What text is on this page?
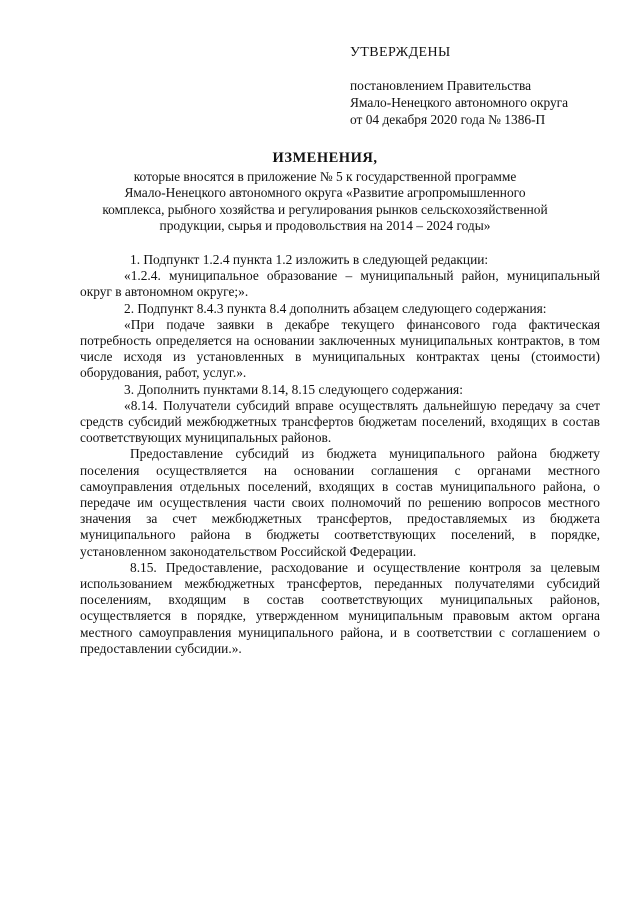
УТВЕРЖДЕНЫ
постановлением Правительства
Ямало-Ненецкого автономного округа
от 04 декабря 2020 года № 1386-П
ИЗМЕНЕНИЯ,
которые вносятся в приложение № 5 к государственной программе
Ямало-Ненецкого автономного округа «Развитие агропромышленного
комплекса, рыбного хозяйства и регулирования рынков сельскохозяйственной
продукции, сырья и продовольствия на 2014 – 2024 годы»

1. Подпункт 1.2.4 пункта 1.2 изложить в следующей редакции:

«1.2.4. муниципальное образование – муниципальный район, муниципальный округ в автономном округе;».

2. Подпункт 8.4.3 пункта 8.4 дополнить абзацем следующего содержания:

«При подаче заявки в декабре текущего финансового года фактическая потребность определяется на основании заключенных муниципальных контрактов, в том числе исходя из установленных в муниципальных контрактах цены (стоимости) оборудования, работ, услуг.».

3. Дополнить пунктами 8.14, 8.15 следующего содержания:

«8.14. Получатели субсидий вправе осуществлять дальнейшую передачу за счет средств субсидий межбюджетных трансфертов бюджетам поселений, входящих в состав соответствующих муниципальных районов.

Предоставление субсидий из бюджета муниципального района бюджету поселения осуществляется на основании соглашения с органами местного самоуправления отдельных поселений, входящих в состав муниципального района, о передаче им осуществления части своих полномочий по решению вопросов местного значения за счет межбюджетных трансфертов, предоставляемых из бюджета муниципального района в бюджеты соответствующих поселений, в порядке, установленном законодательством Российской Федерации.

8.15. Предоставление, расходование и осуществление контроля за целевым использованием межбюджетных трансфертов, переданных получателями субсидий поселениям, входящим в состав соответствующих муниципальных районов, осуществляется в порядке, утвержденном муниципальным правовым актом органа местного самоуправления муниципального района, и в соответствии с соглашением о предоставлении субсидии.».
